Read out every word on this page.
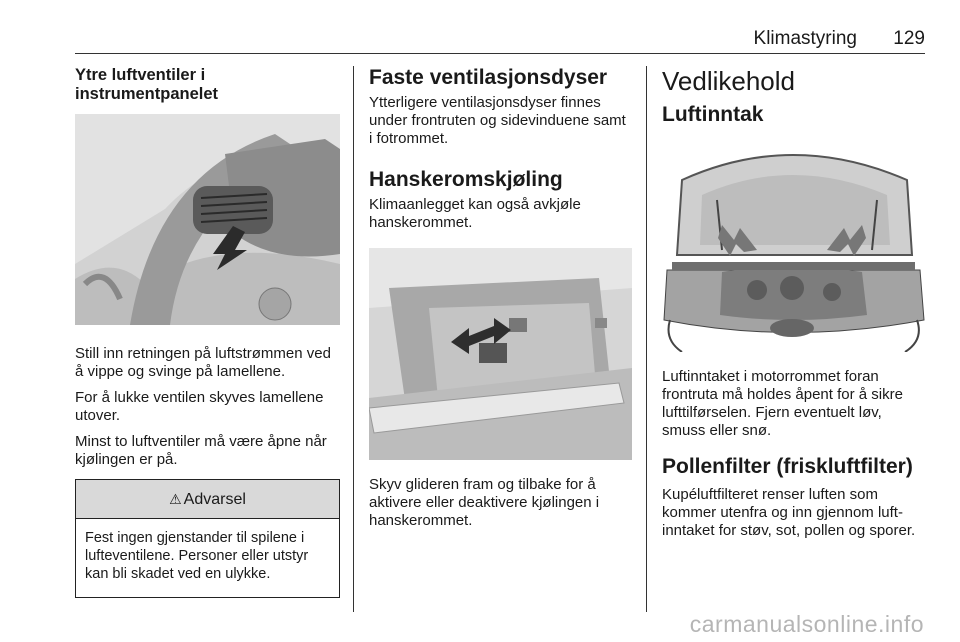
Klimastyring 129
Ytre luftventiler i instrumentpanelet

Still inn retningen på luftstrømmen ved å vippe og svinge på lamellene.

For å lukke ventilen skyves lamellene utover.

Minst to luftventiler må være åpne når kjølingen er på.

⚠ Advarsel

Fest ingen gjenstander til spilene i lufteventilene. Personer eller utstyr kan bli skadet ved en ulykke.

Faste ventilasjonsdyser

Ytterligere ventilasjonsdyser finnes under frontruten og sidevinduene samt i fotrommet.

Hanskeromskjøling

Klimaanlegget kan også avkjøle hanskerommet.

Skyv glideren fram og tilbake for å aktivere eller deaktivere kjølingen i hanskerommet.

Vedlikehold
Luftinntak

Luftinntaket i motorrommet foran frontruta må holdes åpent for å sikre lufttilførselen. Fjern eventuelt løv, smuss eller snø.

Pollenfilter (friskluftfilter)

Kupéluftfilteret renser luften som kommer utenfra og inn gjennom luft-inntaket for støv, sot, pollen og sporer.

carmanualsonline.info
